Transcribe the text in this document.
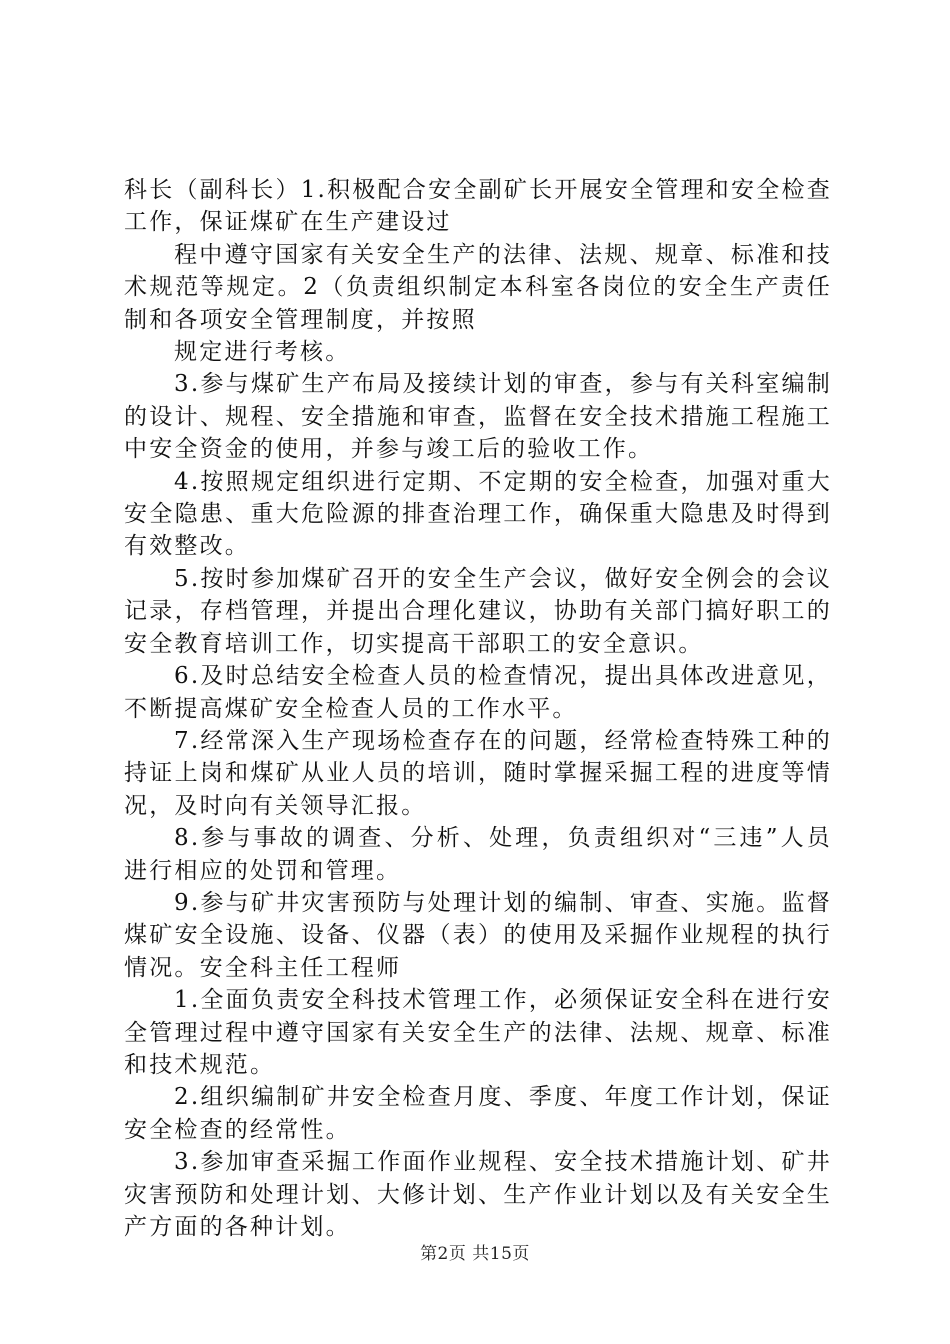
科长（副科长）1.积极配合安全副矿长开展安全管理和安全检查工作，保证煤矿在生产建设过

程中遵守国家有关安全生产的法律、法规、规章、标准和技术规范等规定。2（负责组织制定本科室各岗位的安全生产责任制和各项安全管理制度，并按照

规定进行考核。

3.参与煤矿生产布局及接续计划的审查，参与有关科室编制的设计、规程、安全措施和审查，监督在安全技术措施工程施工中安全资金的使用，并参与竣工后的验收工作。

4.按照规定组织进行定期、不定期的安全检查，加强对重大安全隐患、重大危险源的排查治理工作，确保重大隐患及时得到有效整改。

5.按时参加煤矿召开的安全生产会议，做好安全例会的会议记录，存档管理，并提出合理化建议，协助有关部门搞好职工的安全教育培训工作，切实提高干部职工的安全意识。

6.及时总结安全检查人员的检查情况，提出具体改进意见，不断提高煤矿安全检查人员的工作水平。

7.经常深入生产现场检查存在的问题，经常检查特殊工种的持证上岗和煤矿从业人员的培训，随时掌握采掘工程的进度等情况，及时向有关领导汇报。

8.参与事故的调查、分析、处理，负责组织对“三违”人员进行相应的处罚和管理。

9.参与矿井灾害预防与处理计划的编制、审查、实施。监督煤矿安全设施、设备、仪器（表）的使用及采掘作业规程的执行情况。安全科主任工程师

1.全面负责安全科技术管理工作，必须保证安全科在进行安全管理过程中遵守国家有关安全生产的法律、法规、规章、标准和技术规范。

2.组织编制矿井安全检查月度、季度、年度工作计划，保证安全检查的经常性。

3.参加审查采掘工作面作业规程、安全技术措施计划、矿井灾害预防和处理计划、大修计划、生产作业计划以及有关安全生产方面的各种计划。

第2页 共15页
